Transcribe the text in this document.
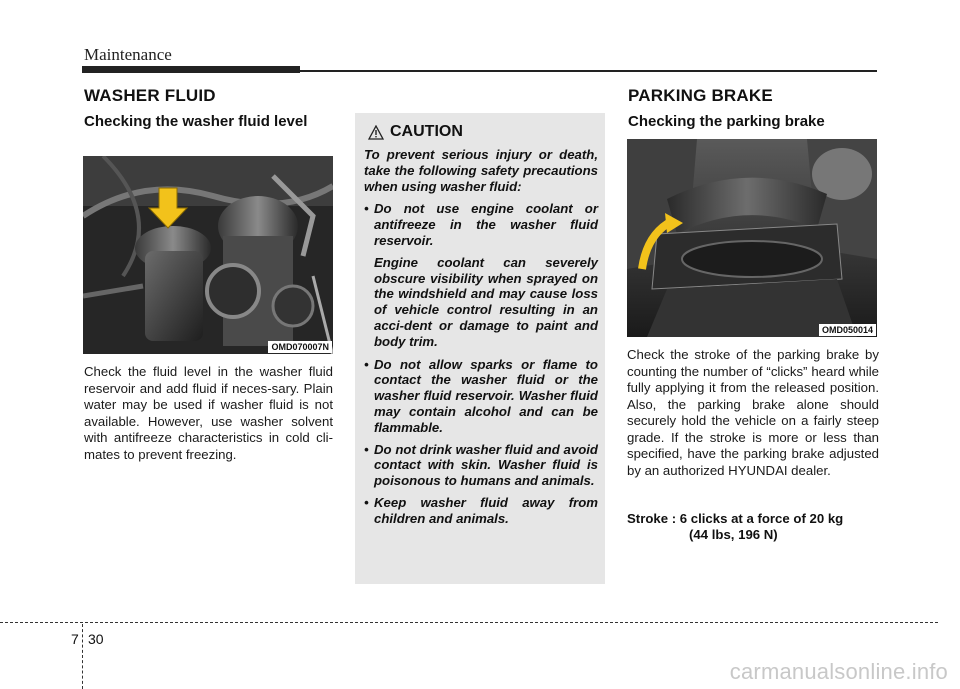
Maintenance
WASHER FLUID
Checking the washer fluid level
OMD070007N
Check the fluid level in the washer fluid reservoir and add fluid if neces-sary. Plain water may be used if washer fluid is not available. However, use washer solvent with antifreeze characteristics in cold cli-mates to prevent freezing.
CAUTION

To prevent serious injury or death, take the following safety precautions when using washer fluid:

• Do not use engine coolant or antifreeze in the washer fluid reservoir.

Engine coolant can severely obscure visibility when sprayed on the windshield and may cause loss of vehicle control resulting in an acci-dent or damage to paint and body trim.

• Do not allow sparks or flame to contact the washer fluid or the washer fluid reservoir. Washer fluid may contain alcohol and can be flammable.
• Do not drink washer fluid and avoid contact with skin. Washer fluid is poisonous to humans and animals.
• Keep washer fluid away from children and animals.
PARKING BRAKE
Checking the parking brake
OMD050014
Check the stroke of the parking brake by counting the number of “clicks” heard while fully applying it from the released position. Also, the parking brake alone should securely hold the vehicle on a fairly steep grade. If the stroke is more or less than specified, have the parking brake adjusted by an authorized HYUNDAI dealer.
Stroke : 6 clicks at a force of 20 kg
(44 lbs, 196 N)
7 30
carmanualsonline.info
